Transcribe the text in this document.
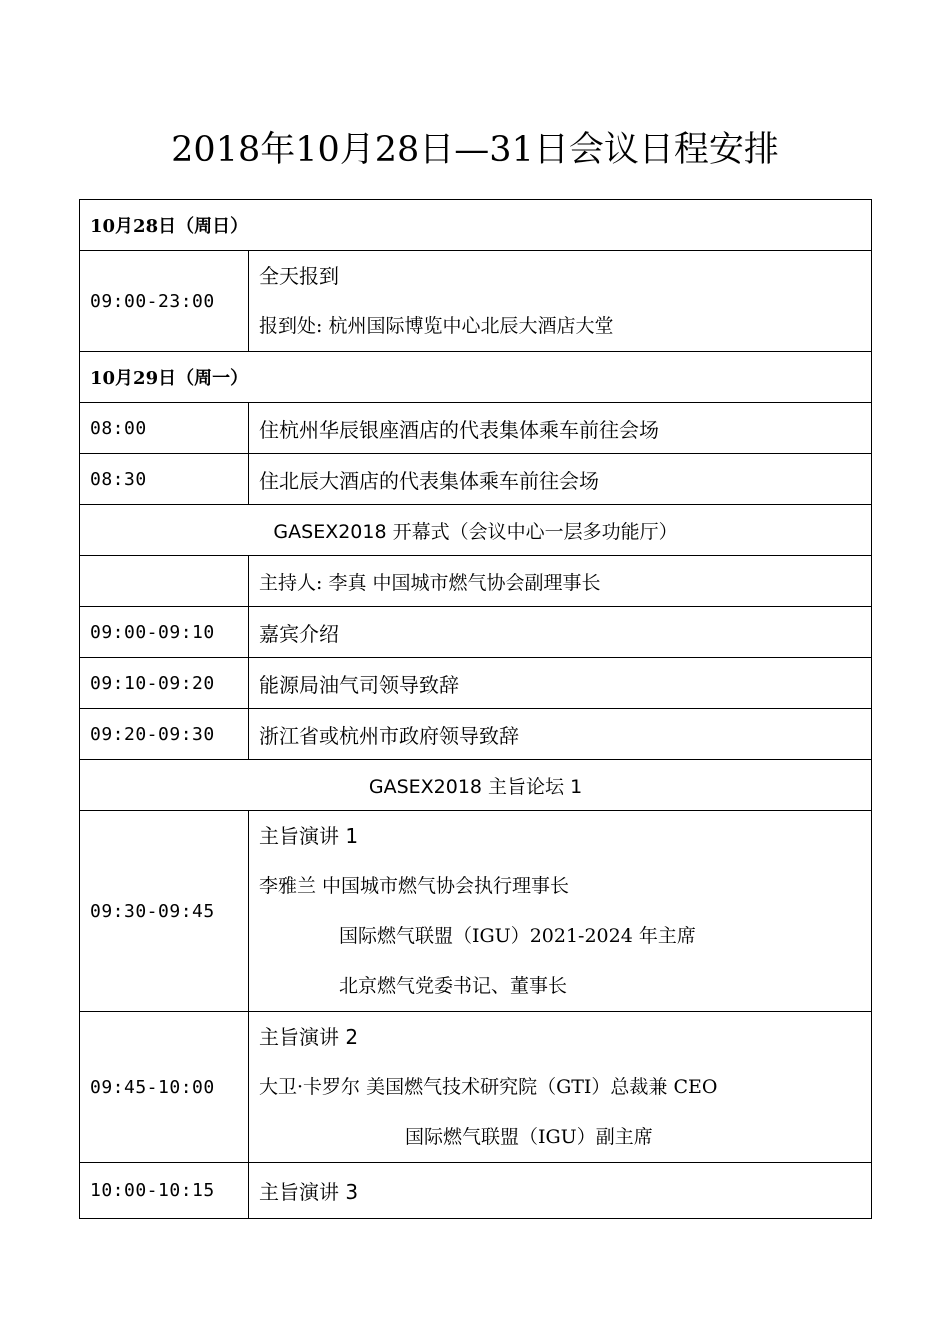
2018年10月28日—31日会议日程安排
10月28日（周日）	
09:00-23:00	全天报到
报到处: 杭州国际博览中心北辰大酒店大堂

10月29日（周一）	
08:00	住杭州华辰银座酒店的代表集体乘车前往会场
08:30	住北辰大酒店的代表集体乘车前往会场
GASEX2018 开幕式（会议中心一层多功能厅）	
	主持人: 李真 中国城市燃气协会副理事长
09:00-09:10	嘉宾介绍
09:10-09:20	能源局油气司领导致辞
09:20-09:30	浙江省或杭州市政府领导致辞
GASEX2018 主旨论坛 1	
09:30-09:45	主旨演讲 1
李雅兰 中国城市燃气协会执行理事长
国际燃气联盟（IGU）2021-2024 年主席
北京燃气党委书记、董事长

09:45-10:00	主旨演讲 2
大卫·卡罗尔 美国燃气技术研究院（GTI）总裁兼 CEO
国际燃气联盟（IGU）副主席

10:00-10:15	主旨演讲 3
